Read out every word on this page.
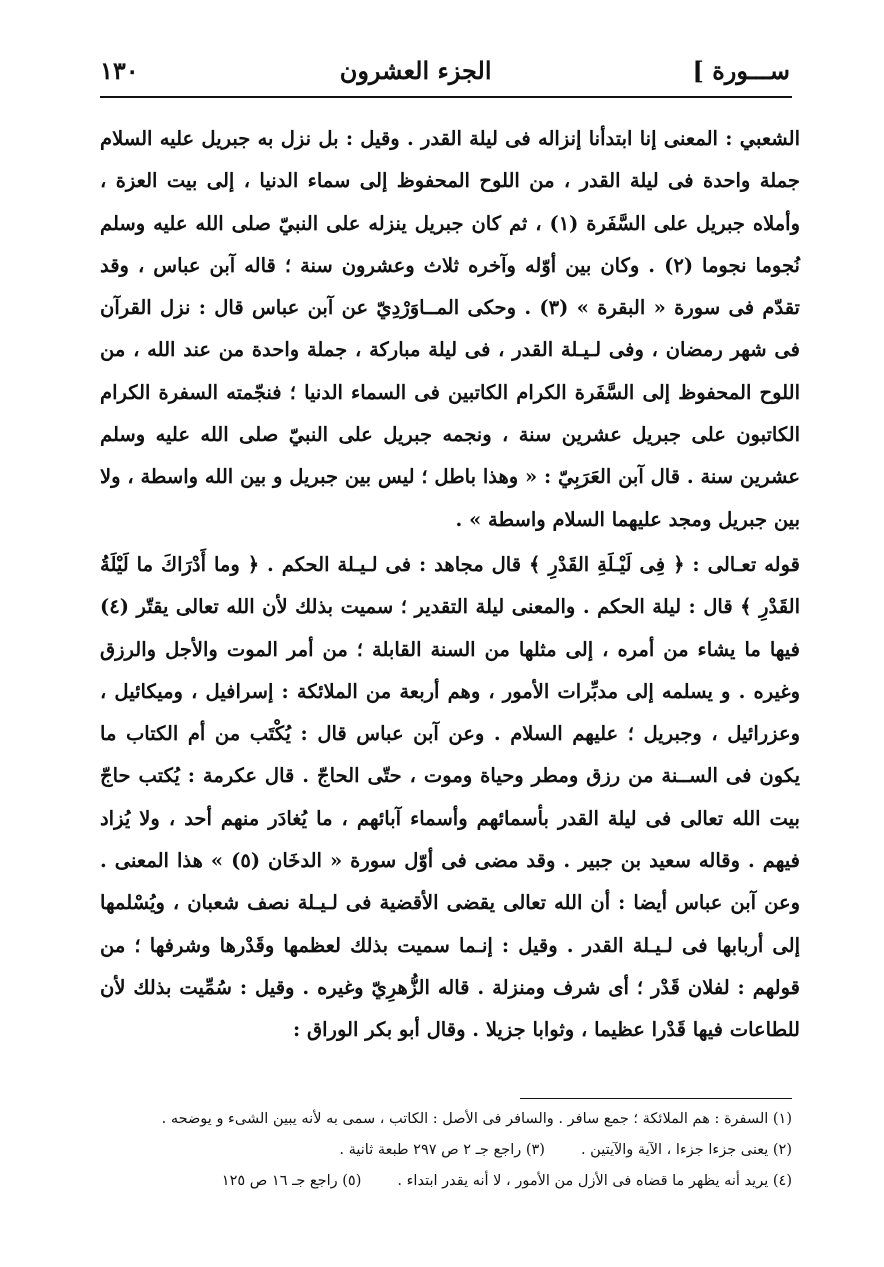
١٣٠	الجزء العشرون	[ ســـورة

الشعبي : المعنى إنا ابتدأنا إنزاله فى ليلة القدر . وقيل : بل نزل به جبريل عليه السلام جملة واحدة فى ليلة القدر ، من اللوح المحفوظ إلى سماء الدنيا ، إلى بيت العزة ، وأملاه جبريل على السَّفَرة (١) ، ثم كان جبريل ينزله على النبيّ صلى الله عليه وسلم نُجوما نجوما (٢) . وكان بين أوّله وآخره ثلاث وعشرون سنة ؛ قاله آبن عباس ، وقد تقدّم فى سورة « البقرة » (٣) . وحكى المــاوَرْدِيّ عن آبن عباس قال : نزل القرآن فى شهر رمضان ، وفى لـيـلة القدر ، فى ليلة مباركة ، جملة واحدة من عند الله ، من اللوح المحفوظ إلى السَّفَرة الكرام الكاتبين فى السماء الدنيا ؛ فنجّمته السفرة الكرام الكاتبون على جبريل عشرين سنة ، ونجمه جبريل على النبيّ صلى الله عليه وسلم عشرين سنة . قال آبن العَرَبِيّ : « وهذا باطل ؛ ليس بين جبريل و بين الله واسطة ، ولا بين جبريل ومجد عليهما السلام واسطة » .

قوله تعـالى : ﴿ فِى لَيْـلَةِ القَدْرِ ﴾ قال مجاهد : فى لـيـلة الحكم . ﴿ وما أَدْرَاكَ ما لَيْلَةُ القَدْرِ ﴾ قال : ليلة الحكم . والمعنى ليلة التقدير ؛ سميت بذلك لأن الله تعالى يقتّر (٤) فيها ما يشاء من أمره ، إلى مثلها من السنة القابلة ؛ من أمر الموت والأجل والرزق وغيره . و يسلمه إلى مدبِّرات الأمور ، وهم أربعة من الملائكة : إسرافيل ، وميكائيل ، وعزرائيل ، وجبريل ؛ عليهم السلام . وعن آبن عباس قال : يُكْتَب من أم الكتاب ما يكون فى الســنة من رزق ومطر وحياة وموت ، حتّى الحاجّ . قال عكرمة : يُكتب حاجّ بيت الله تعالى فى ليلة القدر بأسمائهم وأسماء آبائهم ، ما يُغادَر منهم أحد ، ولا يُزاد فيهم . وقاله سعيد بن جبير . وقد مضى فى أوّل سورة « الدخَان (٥) » هذا المعنى . وعن آبن عباس أيضا : أن الله تعالى يقضى الأقضية فى لـيـلة نصف شعبان ، ويُسْلمها إلى أربابها فى لـيـلة القدر . وقيل : إنـما سميت بذلك لعظمها وقَدْرها وشرفها ؛ من قولهم : لفلان قَدْر ؛ أى شرف ومنزلة . قاله الزُّهرِيّ وغيره . وقيل : سُمِّيت بذلك لأن للطاعات فيها قَدْرا عظيما ، وثوابا جزيلا . وقال أبو بكر الوراق :

(١) السفرة : هم الملائكة ؛ جمع سافر . والسافر فى الأصل : الكاتب ، سمى به لأنه يبين الشىء و يوضحه .
(٢) يعنى جزءا جزءا ، الآية والآيتين .
(٣) راجع جـ ٢ ص ٢٩٧ طبعة ثانية .
(٤) يريد أنه يظهر ما قضاه فى الأزل من الأمور ، لا أنه يقدر ابتداء .
(٥) راجع جـ ١٦ ص ١٢٥
